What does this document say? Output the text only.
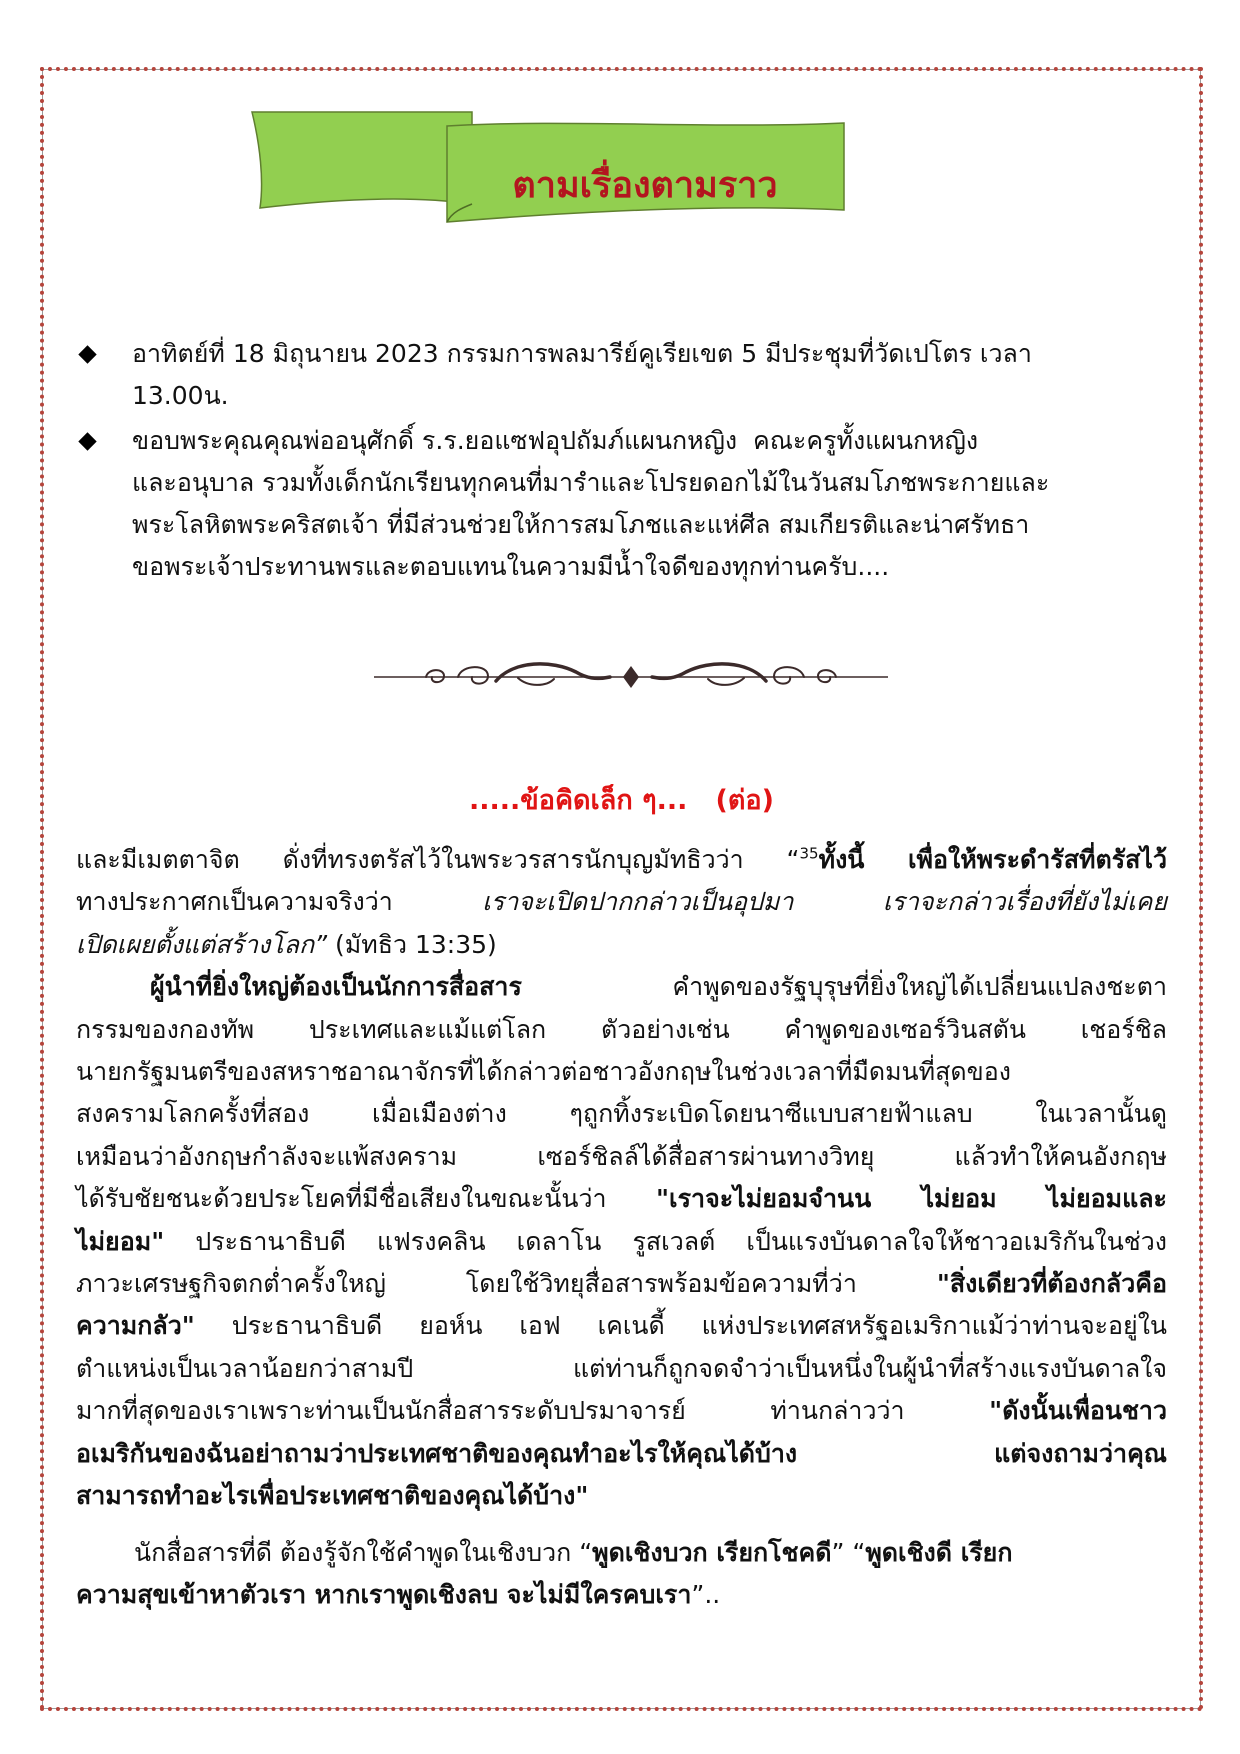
ตามเรื่องตามราว
อาทิตย์ที่ 18 มิถุนายน 2023 กรรมการพลมารีย์คูเรียเขต 5 มีประชุมที่วัดเปโตร เวลา
13.00น.
ขอบพระคุณคุณพ่ออนุศักดิ์ ร.ร.ยอแซฟอุปถัมภ์แผนกหญิง  คณะครูทั้งแผนกหญิง
และอนุบาล รวมทั้งเด็กนักเรียนทุกคนที่มารำและโปรยดอกไม้ในวันสมโภชพระกายและ
พระโลหิตพระคริสตเจ้า ที่มีส่วนช่วยให้การสมโภชและแห่ศีล สมเกียรติและน่าศรัทธา
ขอพระเจ้าประทานพรและตอบแทนในความมีน้ำใจดีของทุกท่านครับ....
.....ข้อคิดเล็ก ๆ...   (ต่อ)
และมีเมตตาจิต ดั่งที่ทรงตรัสไว้ในพระวรสารนักบุญมัทธิวว่า “$^{35}$ทั้งนี้ เพื่อให้พระดำรัสที่ตรัสไว้
ทางประกาศกเป็นความจริงว่า เราจะเปิดปากกล่าวเป็นอุปมา เราจะกล่าวเรื่องที่ยังไม่เคย
เปิดเผยตั้งแต่สร้างโลก” (มัทธิว 13:35)
ผู้นำที่ยิ่งใหญ่ต้องเป็นนักการสื่อสาร คำพูดของรัฐบุรุษที่ยิ่งใหญ่ได้เปลี่ยนแปลงชะตา
กรรมของกองทัพ ประเทศและแม้แต่โลก ตัวอย่างเช่น คำพูดของเซอร์วินสตัน เชอร์ชิล
นายกรัฐมนตรีของสหราชอาณาจักรที่ได้กล่าวต่อชาวอังกฤษในช่วงเวลาที่มืดมนที่สุดของ
สงครามโลกครั้งที่สอง เมื่อเมืองต่าง ๆถูกทิ้งระเบิดโดยนาซีแบบสายฟ้าแลบ ในเวลานั้นดู
เหมือนว่าอังกฤษกำลังจะแพ้สงคราม เซอร์ชิลล์ได้สื่อสารผ่านทางวิทยุ แล้วทำให้คนอังกฤษ
ได้รับชัยชนะด้วยประโยคที่มีชื่อเสียงในขณะนั้นว่า "เราจะไม่ยอมจำนน ไม่ยอม ไม่ยอมและ
ไม่ยอม" ประธานาธิบดี แฟรงคลิน เดลาโน รูสเวลต์ เป็นแรงบันดาลใจให้ชาวอเมริกันในช่วง
ภาวะเศรษฐกิจตกต่ำครั้งใหญ่ โดยใช้วิทยุสื่อสารพร้อมข้อความที่ว่า "สิ่งเดียวที่ต้องกลัวคือ
ความกลัว" ประธานาธิบดี ยอห์น เอฟ เคเนดี้ แห่งประเทศสหรัฐอเมริกาแม้ว่าท่านจะอยู่ใน
ตำแหน่งเป็นเวลาน้อยกว่าสามปี แต่ท่านก็ถูกจดจำว่าเป็นหนึ่งในผู้นำที่สร้างแรงบันดาลใจ
มากที่สุดของเราเพราะท่านเป็นนักสื่อสารระดับปรมาจารย์ ท่านกล่าวว่า "ดังนั้นเพื่อนชาว
อเมริกันของฉันอย่าถามว่าประเทศชาติของคุณทำอะไรให้คุณได้บ้าง แต่จงถามว่าคุณ
สามารถทำอะไรเพื่อประเทศชาติของคุณได้บ้าง"
นักสื่อสารที่ดี ต้องรู้จักใช้คำพูดในเชิงบวก “พูดเชิงบวก เรียกโชคดี” “พูดเชิงดี เรียก
ความสุขเข้าหาตัวเรา หากเราพูดเชิงลบ จะไม่มีใครคบเรา”..
